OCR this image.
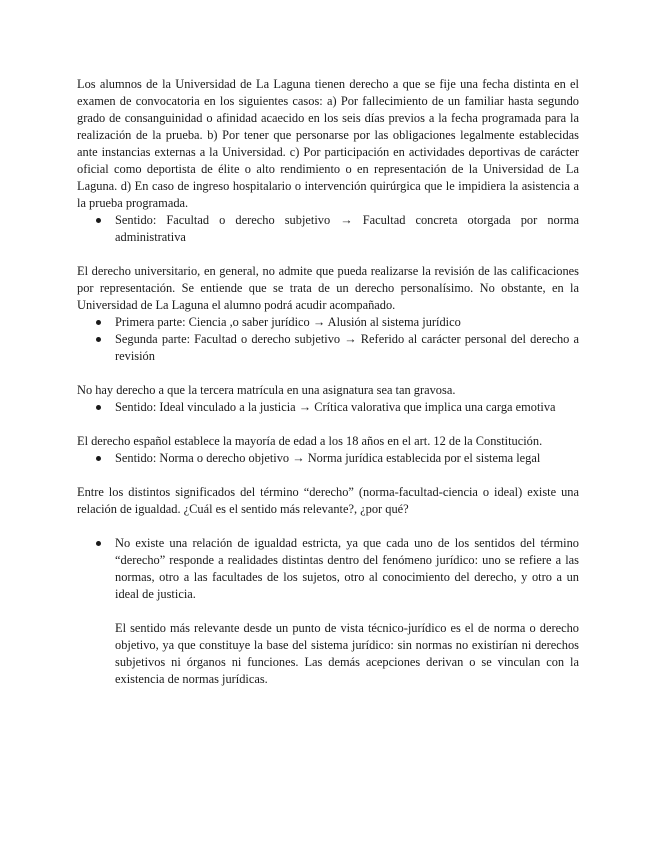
Los alumnos de la Universidad de La Laguna tienen derecho a que se fije una fecha distinta en el examen de convocatoria en los siguientes casos: a) Por fallecimiento de un familiar hasta segundo grado de consanguinidad o afinidad acaecido en los seis días previos a la fecha programada para la realización de la prueba. b) Por tener que personarse por las obligaciones legalmente establecidas ante instancias externas a la Universidad. c) Por participación en actividades deportivas de carácter oficial como deportista de élite o alto rendimiento o en representación de la Universidad de La Laguna. d) En caso de ingreso hospitalario o intervención quirúrgica que le impidiera la asistencia a la prueba programada.

Sentido: Facultad o derecho subjetivo → Facultad concreta otorgada por norma administrativa

El derecho universitario, en general, no admite que pueda realizarse la revisión de las calificaciones por representación. Se entiende que se trata de un derecho personalísimo. No obstante, en la Universidad de La Laguna el alumno podrá acudir acompañado.

Primera parte: Ciencia ,o saber jurídico → Alusión al sistema jurídico
Segunda parte: Facultad o derecho subjetivo → Referido al carácter personal del derecho a revisión

No hay derecho a que la tercera matrícula en una asignatura sea tan gravosa.

Sentido: Ideal vinculado a la justicia → Crítica valorativa que implica una carga emotiva

El derecho español establece la mayoría de edad a los 18 años en el art. 12 de la Constitución.

Sentido: Norma o derecho objetivo → Norma jurídica establecida por el sistema legal

Entre los distintos significados del término “derecho” (norma-facultad-ciencia o ideal) existe una relación de igualdad. ¿Cuál es el sentido más relevante?, ¿por qué?

No existe una relación de igualdad estricta, ya que cada uno de los sentidos del término “derecho” responde a realidades distintas dentro del fenómeno jurídico: uno se refiere a las normas, otro a las facultades de los sujetos, otro al conocimiento del derecho, y otro a un ideal de justicia.

El sentido más relevante desde un punto de vista técnico-jurídico es el de norma o derecho objetivo, ya que constituye la base del sistema jurídico: sin normas no existirían ni derechos subjetivos ni órganos ni funciones. Las demás acepciones derivan o se vinculan con la existencia de normas jurídicas.
